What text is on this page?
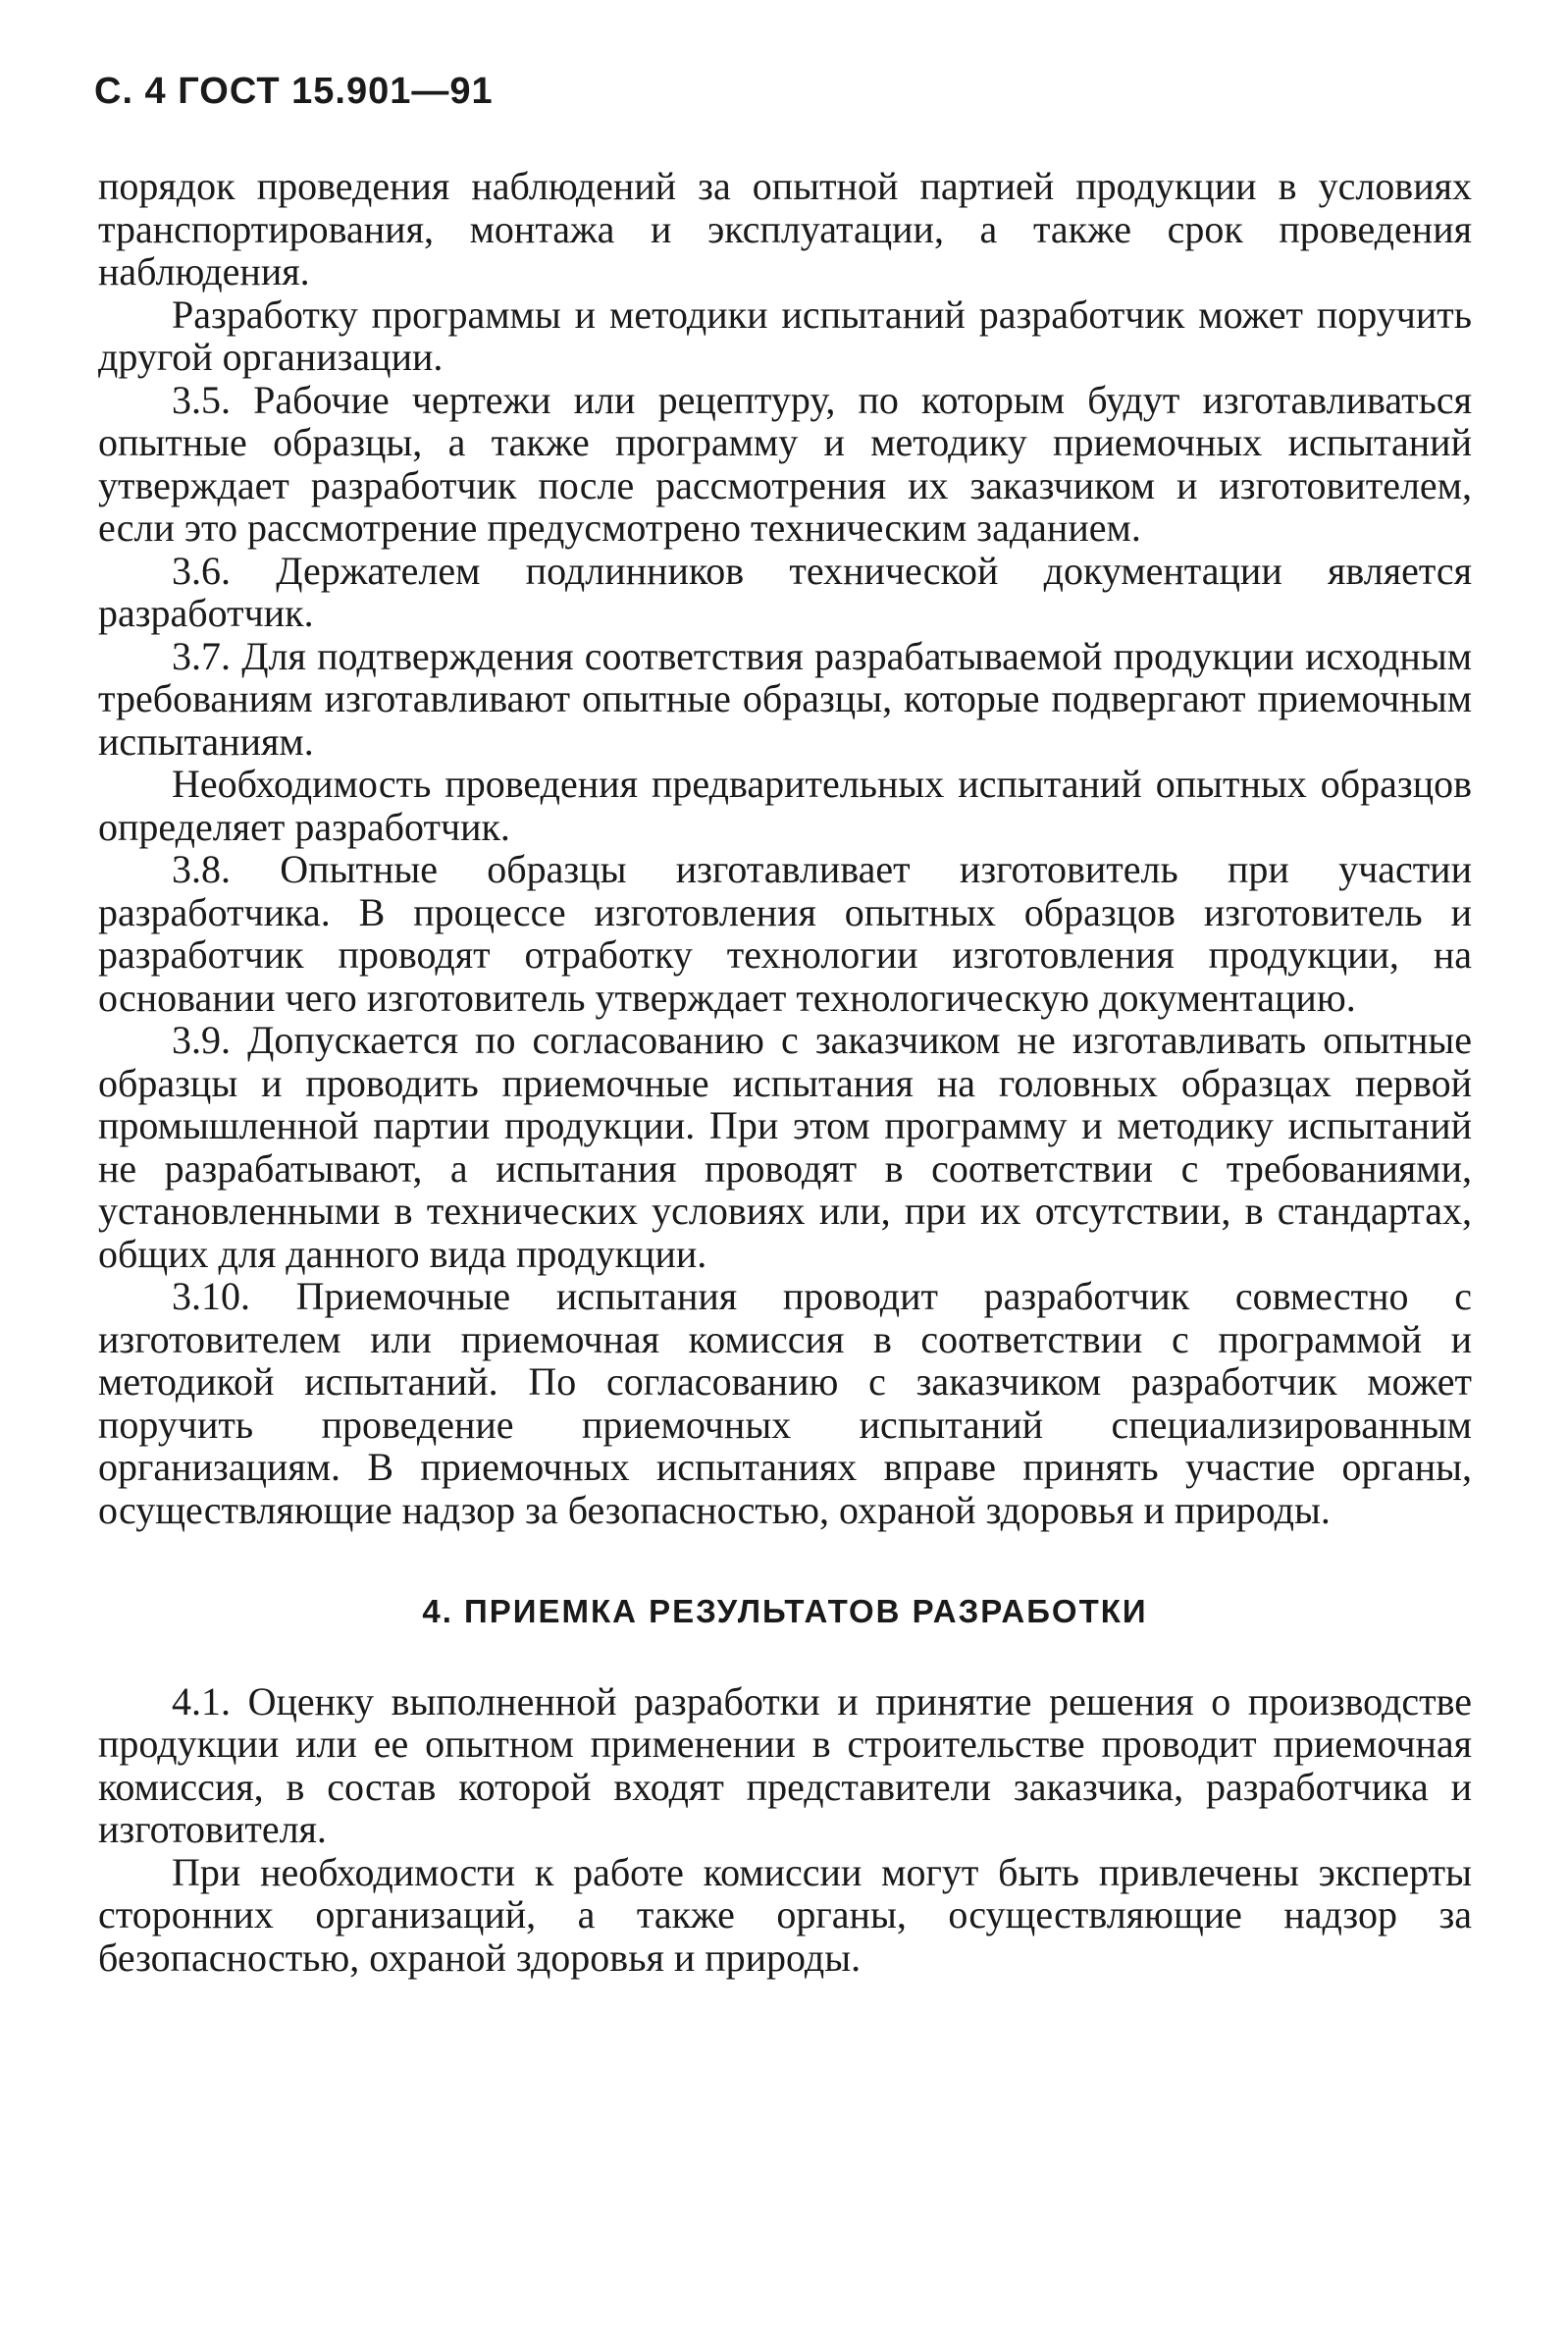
С. 4 ГОСТ 15.901—91

порядок проведения наблюдений за опытной партией продукции в условиях транспортирования, монтажа и эксплуатации, а также срок проведения наблюдения.

Разработку программы и методики испытаний разработчик может поручить другой организации.

3.5. Рабочие чертежи или рецептуру, по которым будут изготавливаться опытные образцы, а также программу и методику приемочных испытаний утверждает разработчик после рассмотрения их заказчиком и изготовителем, если это рассмотрение предусмотрено техническим заданием.

3.6. Держателем подлинников технической документации является разработчик.

3.7. Для подтверждения соответствия разрабатываемой продукции исходным требованиям изготавливают опытные образцы, которые подвергают приемочным испытаниям.

Необходимость проведения предварительных испытаний опытных образцов определяет разработчик.

3.8. Опытные образцы изготавливает изготовитель при участии разработчика. В процессе изготовления опытных образцов изготовитель и разработчик проводят отработку технологии изготовления продукции, на основании чего изготовитель утверждает технологическую документацию.

3.9. Допускается по согласованию с заказчиком не изготавливать опытные образцы и проводить приемочные испытания на головных образцах первой промышленной партии продукции. При этом программу и методику испытаний не разрабатывают, а испытания проводят в соответствии с требованиями, установленными в технических условиях или, при их отсутствии, в стандартах, общих для данного вида продукции.

3.10. Приемочные испытания проводит разработчик совместно с изготовителем или приемочная комиссия в соответствии с программой и методикой испытаний. По согласованию с заказчиком разработчик может поручить проведение приемочных испытаний специализированным организациям. В приемочных испытаниях вправе принять участие органы, осуществляющие надзор за безопасностью, охраной здоровья и природы.

4. ПРИЕМКА РЕЗУЛЬТАТОВ РАЗРАБОТКИ

4.1. Оценку выполненной разработки и принятие решения о производстве продукции или ее опытном применении в строительстве проводит приемочная комиссия, в состав которой входят представители заказчика, разработчика и изготовителя.

При необходимости к работе комиссии могут быть привлечены эксперты сторонних организаций, а также органы, осуществляющие надзор за безопасностью, охраной здоровья и природы.
